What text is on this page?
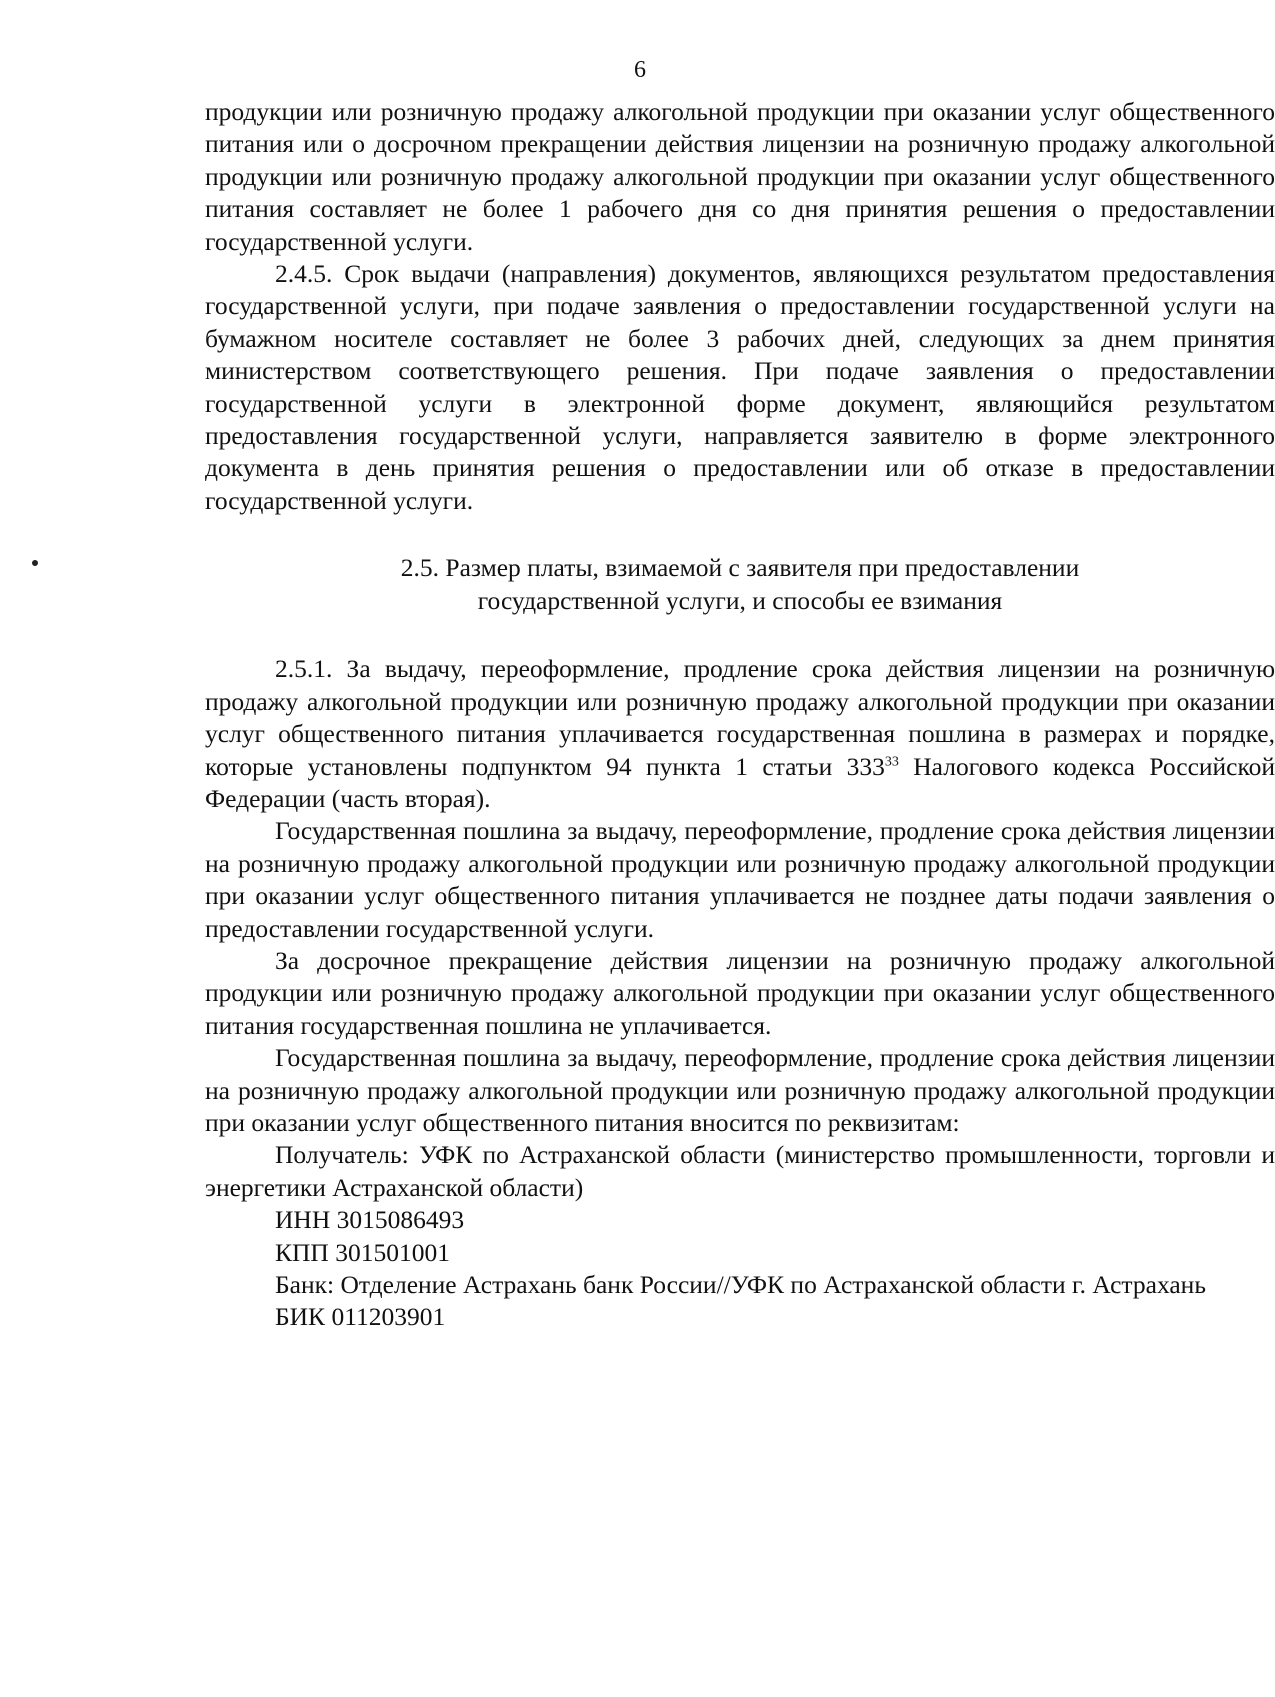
6

продукции или розничную продажу алкогольной продукции при оказании услуг общественного питания или о досрочном прекращении действия лицензии на розничную продажу алкогольной продукции или розничную продажу алкогольной продукции при оказании услуг общественного питания составляет не более 1 рабочего дня со дня принятия решения о предоставлении государственной услуги.

2.4.5. Срок выдачи (направления) документов, являющихся результатом предоставления государственной услуги, при подаче заявления о предоставлении государственной услуги на бумажном носителе составляет не более 3 рабочих дней, следующих за днем принятия министерством соответствующего решения. При подаче заявления о предоставлении государственной услуги в электронной форме документ, являющийся результатом предоставления государственной услуги, направляется заявителю в форме электронного документа в день принятия решения о предоставлении или об отказе в предоставлении государственной услуги.

2.5. Размер платы, взимаемой с заявителя при предоставлении
государственной услуги, и способы ее взимания

2.5.1. За выдачу, переоформление, продление срока действия лицензии на розничную продажу алкогольной продукции или розничную продажу алкогольной продукции при оказании услуг общественного питания уплачивается государственная пошлина в размерах и порядке, которые установлены подпунктом 94 пункта 1 статьи $333^{33}$ Налогового кодекса Российской Федерации (часть вторая).

Государственная пошлина за выдачу, переоформление, продление срока действия лицензии на розничную продажу алкогольной продукции или розничную продажу алкогольной продукции при оказании услуг общественного питания уплачивается не позднее даты подачи заявления о предоставлении государственной услуги.

За досрочное прекращение действия лицензии на розничную продажу алкогольной продукции или розничную продажу алкогольной продукции при оказании услуг общественного питания государственная пошлина не уплачивается.

Государственная пошлина за выдачу, переоформление, продление срока действия лицензии на розничную продажу алкогольной продукции или розничную продажу алкогольной продукции при оказании услуг общественного питания вносится по реквизитам:

Получатель: УФК по Астраханской области (министерство промышленности, торговли и энергетики Астраханской области)

ИНН 3015086493

КПП 301501001

Банк: Отделение Астрахань банк России//УФК по Астраханской области г. Астрахань

БИК 011203901
